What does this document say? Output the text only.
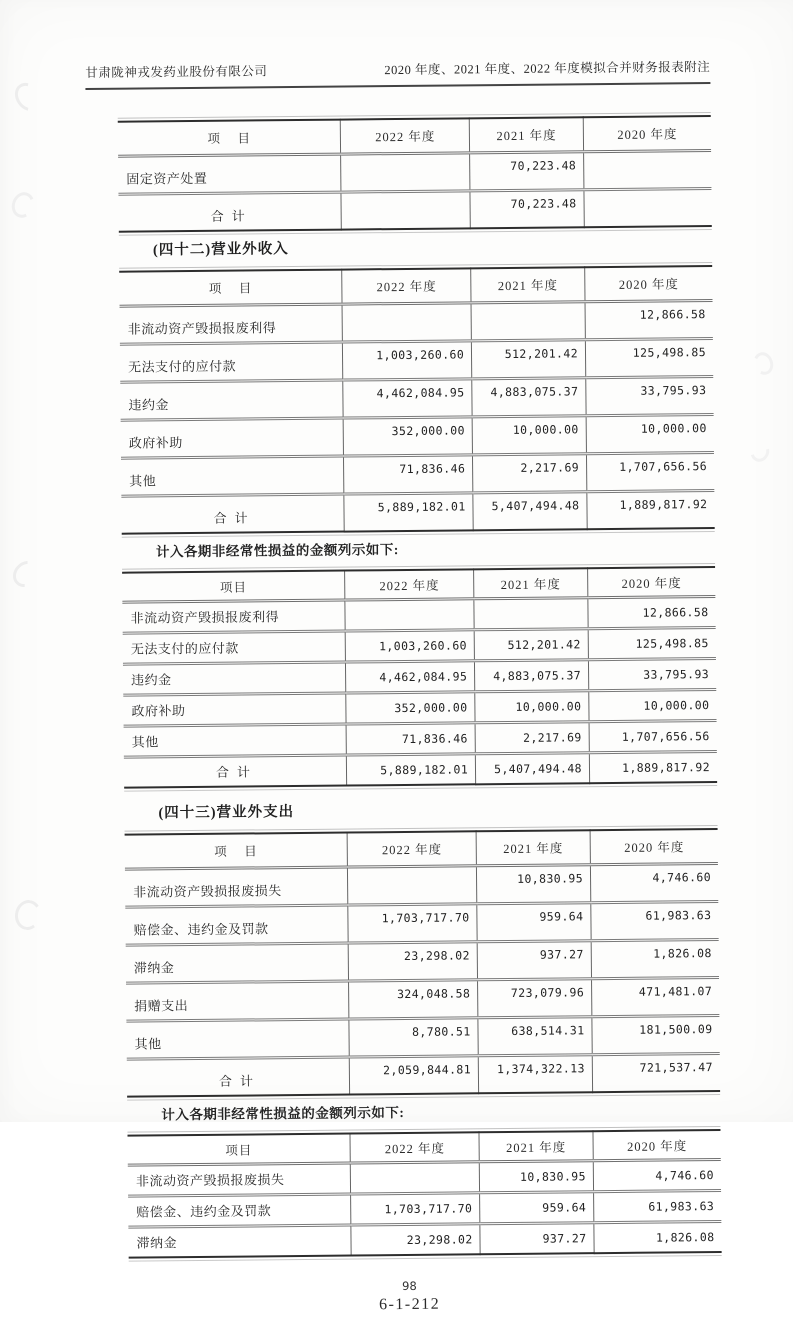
甘肃陇神戎发药业股份有限公司	2020 年度、2021 年度、2022 年度模拟合并财务报表附注
项    目	2022 年度	2021 年度	2020 年度
固定资产处置		70,223.48	
合  计		70,223.48	
(四十二)营业外收入
项    目	2022 年度	2021 年度	2020 年度
非流动资产毁损报废利得			12,866.58
无法支付的应付款	1,003,260.60	512,201.42	125,498.85
违约金	4,462,084.95	4,883,075.37	33,795.93
政府补助	352,000.00	10,000.00	10,000.00
其他	71,836.46	2,217.69	1,707,656.56
合  计	5,889,182.01	5,407,494.48	1,889,817.92
计入各期非经常性损益的金额列示如下:
项目	2022 年度	2021 年度	2020 年度
非流动资产毁损报废利得			12,866.58
无法支付的应付款	1,003,260.60	512,201.42	125,498.85
违约金	4,462,084.95	4,883,075.37	33,795.93
政府补助	352,000.00	10,000.00	10,000.00
其他	71,836.46	2,217.69	1,707,656.56
合  计	5,889,182.01	5,407,494.48	1,889,817.92
(四十三)营业外支出
项    目	2022 年度	2021 年度	2020 年度
非流动资产毁损报废损失		10,830.95	4,746.60
赔偿金、违约金及罚款	1,703,717.70	959.64	61,983.63
滞纳金	23,298.02	937.27	1,826.08
捐赠支出	324,048.58	723,079.96	471,481.07
其他	8,780.51	638,514.31	181,500.09
合  计	2,059,844.81	1,374,322.13	721,537.47
计入各期非经常性损益的金额列示如下:
项目	2022 年度	2021 年度	2020 年度
非流动资产毁损报废损失		10,830.95	4,746.60
赔偿金、违约金及罚款	1,703,717.70	959.64	61,983.63
滞纳金	23,298.02	937.27	1,826.08
98
6-1-212
